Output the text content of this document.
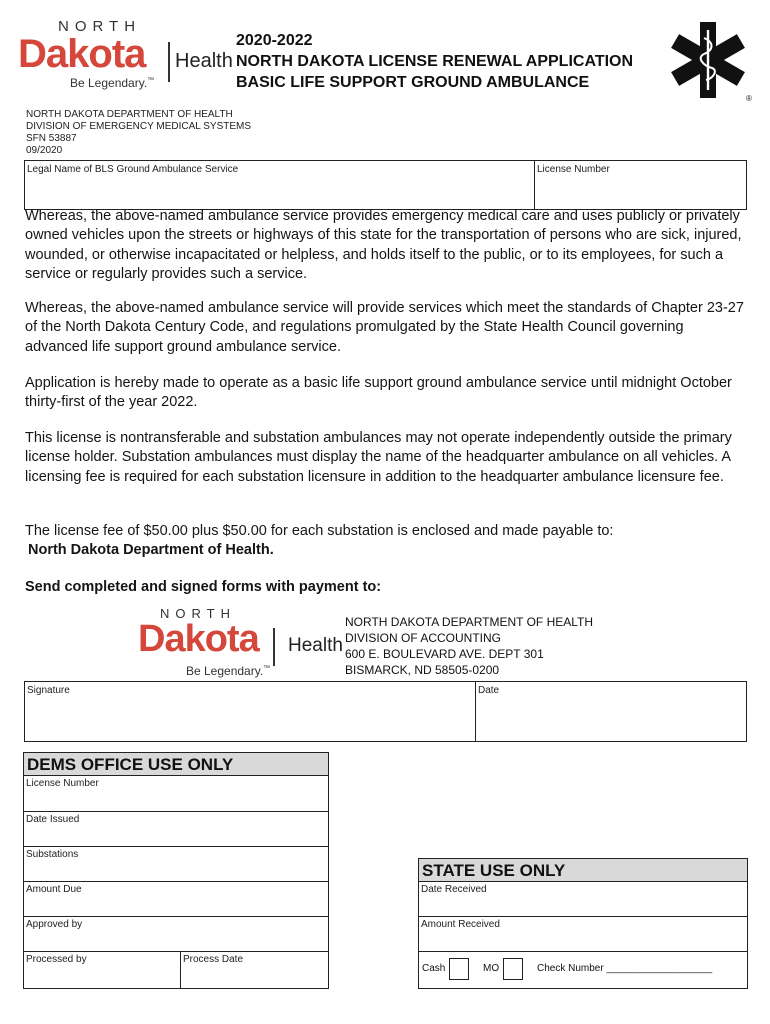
NORTH
Dakota
Be Legendary.™
Health
2020-2022
NORTH DAKOTA LICENSE RENEWAL APPLICATION
BASIC LIFE SUPPORT GROUND AMBULANCE
®
NORTH DAKOTA DEPARTMENT OF HEALTH
DIVISION OF EMERGENCY MEDICAL SYSTEMS
SFN 53887
09/2020
Legal Name of BLS Ground Ambulance Service	License Number
Whereas, the above-named ambulance service provides emergency medical care and uses publicly or privately owned vehicles upon the streets or highways of this state for the transportation of persons who are sick, injured, wounded, or otherwise incapacitated or helpless, and holds itself to the public, or to its employees, for such a service or regularly provides such a service.
Whereas, the above-named ambulance service will provide services which meet the standards of Chapter 23-27 of the North Dakota Century Code, and regulations promulgated by the State Health Council governing advanced life support ground ambulance service.
Application is hereby made to operate as a basic life support ground ambulance service until midnight October thirty-first of the year 2022.
This license is nontransferable and substation ambulances may not operate independently outside the primary license holder. Substation ambulances must display the name of the headquarter ambulance on all vehicles. A licensing fee is required for each substation licensure in addition to the headquarter ambulance licensure fee.
The license fee of $50.00 plus $50.00 for each substation is enclosed and made payable to:
North Dakota Department of Health.
Send completed and signed forms with payment to:
NORTH
Dakota
Be Legendary.™
Health
NORTH DAKOTA DEPARTMENT OF HEALTH
DIVISION OF ACCOUNTING
600 E. BOULEVARD AVE. DEPT 301
BISMARCK, ND 58505-0200
Signature	Date
DEMS OFFICE USE ONLY
License Number
Date Issued
Substations
Amount Due
Approved by
Processed by	Process Date
STATE USE ONLY
Date Received
Amount Received
Cash	MO	Check Number ___________________
